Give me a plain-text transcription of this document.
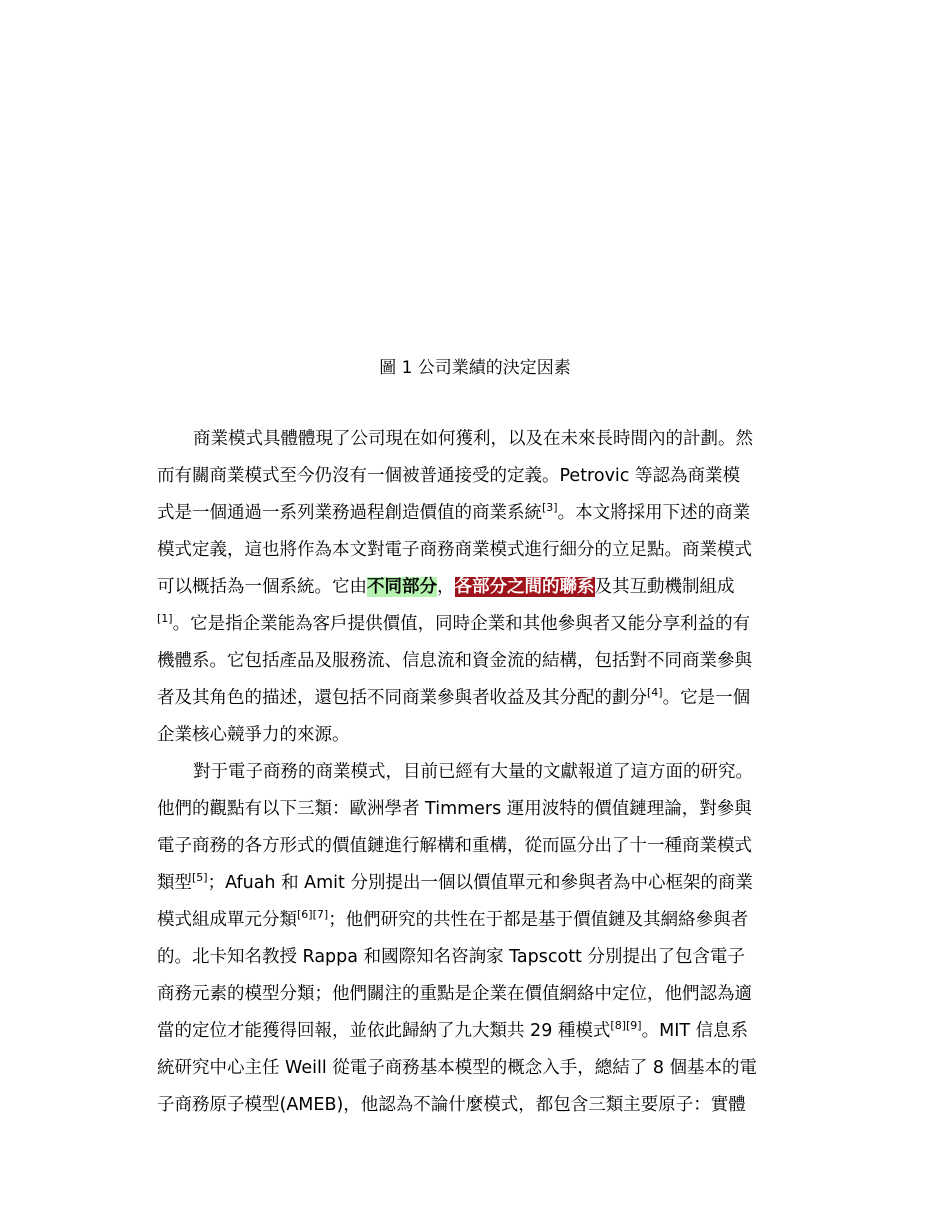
圖 1 公司業績的決定因素
商業模式具體體現了公司現在如何獲利，以及在未來長時間內的計劃。然
而有關商業模式至今仍沒有一個被普通接受的定義。Petrovic 等認為商業模
式是一個通過一系列業務過程創造價值的商業系統[3]。本文將採用下述的商業
模式定義，這也將作為本文對電子商務商業模式進行細分的立足點。商業模式
可以概括為一個系統。它由不同部分，各部分之間的聯系及其互動機制組成
[1]。它是指企業能為客戶提供價值，同時企業和其他參與者又能分享利益的有
機體系。它包括產品及服務流、信息流和資金流的結構，包括對不同商業參與
者及其角色的描述，還包括不同商業參與者收益及其分配的劃分[4]。它是一個
企業核心競爭力的來源。
對于電子商務的商業模式，目前已經有大量的文獻報道了這方面的研究。
他們的觀點有以下三類：歐洲學者 Timmers 運用波特的價值鏈理論，對參與
電子商務的各方形式的價值鏈進行解構和重構，從而區分出了十一種商業模式
類型[5]；Afuah 和 Amit 分別提出一個以價值單元和參與者為中心框架的商業
模式組成單元分類[6][7]；他們研究的共性在于都是基于價值鏈及其網絡參與者
的。北卡知名教授 Rappa 和國際知名咨詢家 Tapscott 分別提出了包含電子
商務元素的模型分類；他們關注的重點是企業在價值網絡中定位，他們認為適
當的定位才能獲得回報，並依此歸納了九大類共 29 種模式[8][9]。MIT 信息系
統研究中心主任 Weill 從電子商務基本模型的概念入手，總結了 8 個基本的電
子商務原子模型(AMEB)，他認為不論什麼模式，都包含三類主要原子：實體
